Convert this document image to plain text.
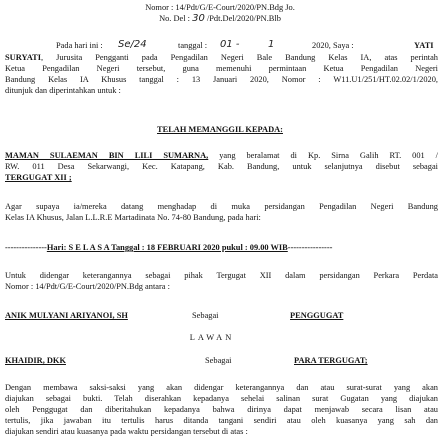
Nomor : 14/Pdt/G/E-Court/2020/PN.Bdg Jo.
No. Del : 30 /Pdt.Del/2020/PN.Blb
Pada hari ini : Se/24	tanggal : 01 -	1	2020, Saya :	YATI
SURYATI, Jurusita Pengganti pada Pengadilan Negeri Bale Bandung Kelas IA, atas perintah
Ketua Pengadilan Negeri tersebut, guna memenuhi permintaan Ketua Pengadilan Negeri
Bandung Kelas IA Khusus tanggal : 13 Januari 2020, Nomor : W11.U1/251/HT.02.02/1/2020,
ditunjuk dan diperintahkan untuk :
TELAH MEMANGGIL KEPADA:
MAMAN SULAEMAN BIN LILI SUMARNA, yang beralamat di Kp. Sirna Galih RT. 001 /
RW. 011 Desa Sekarwangi, Kec. Katapang, Kab. Bandung, untuk selanjutnya disebut sebagai
TERGUGAT XII ;
Agar supaya ia/mereka datang menghadap di muka persidangan Pengadilan Negeri Bandung
Kelas IA Khusus, Jalan L.L.R.E Martadinata No. 74-80 Bandung, pada hari:
---------------Hari: S E L A S A Tanggal : 18 FEBRUARI 2020 pukul : 09.00 WIB----------------
Untuk didengar keterangannya sebagai pihak Tergugat XII dalam persidangan Perkara Perdata
Nomor : 14/Pdt/G/E-Court/2020/PN.Bdg antara :
ANIK MULYANI ARIYANOI, SH	Sebagai	PENGGUGAT
LAWAN
KHAIDIR, DKK	Sebagai	PARA TERGUGAT;
Dengan membawa saksi-saksi yang akan didengar keterangannya dan atau surat-surat yang akan
diajukan sebagai bukti. Telah diserahkan kepadanya sehelai salinan surat Gugatan yang diajukan
oleh Penggugat dan diberitahukan kepadanya bahwa dirinya dapat menjawab secara lisan atau
tertulis, jika jawaban itu tertulis harus ditanda tangani sendiri atau oleh kuasanya yang sah dan
diajukan sendiri atau kuasanya pada waktu persidangan tersebut di atas :
